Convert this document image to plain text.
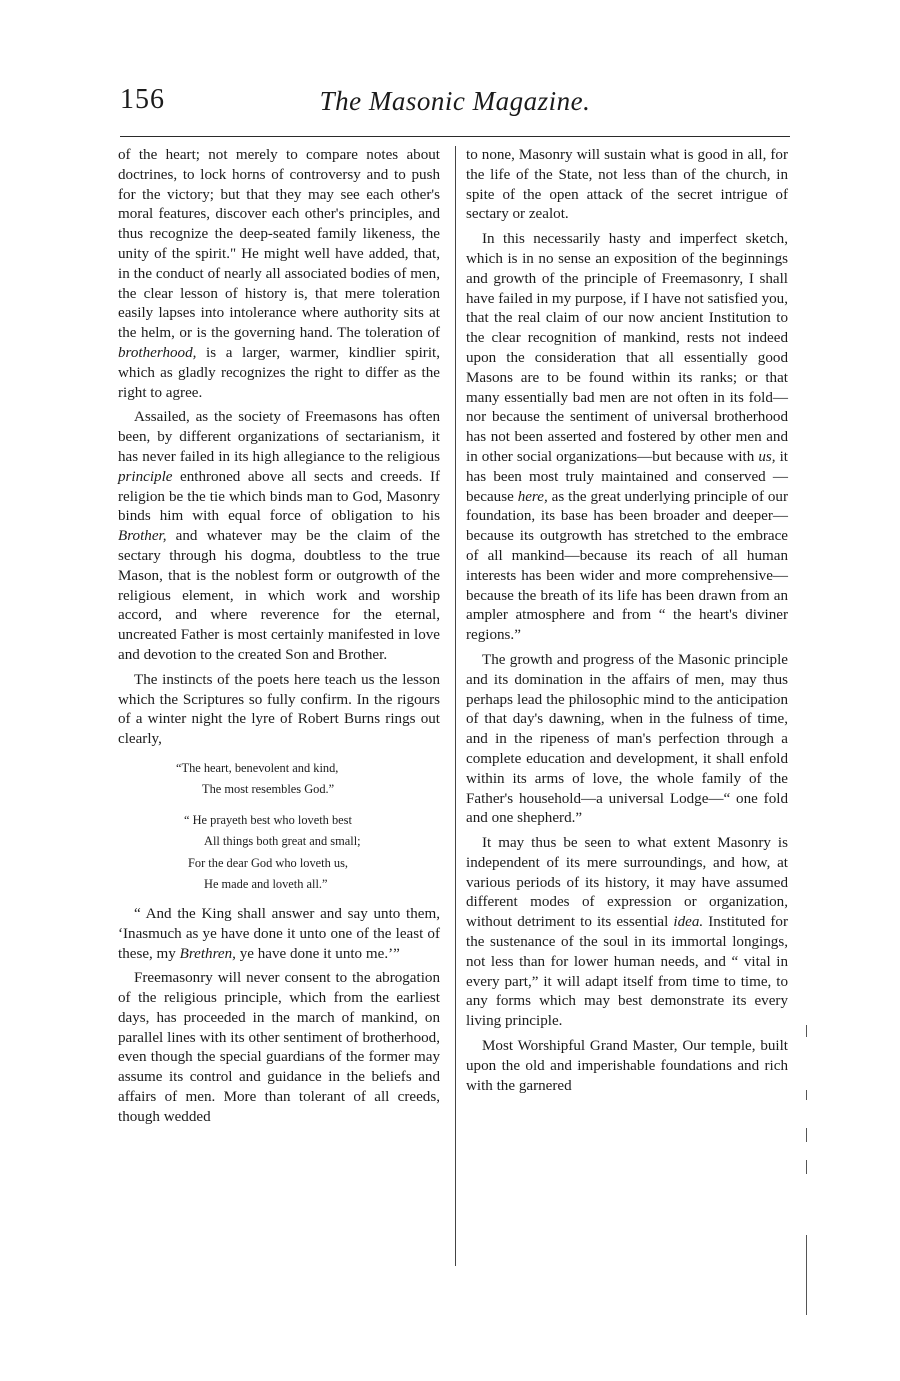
156	The Masonic Magazine.

of the heart; not merely to compare notes about doctrines, to lock horns of controversy and to push for the victory; but that they may see each other's moral features, discover each other's principles, and thus recognize the deep-seated family likeness, the unity of the spirit." He might well have added, that, in the conduct of nearly all associated bodies of men, the clear lesson of history is, that mere toleration easily lapses into intolerance where authority sits at the helm, or is the governing hand. The toleration of brotherhood, is a larger, warmer, kindlier spirit, which as gladly recognizes the right to differ as the right to agree.

Assailed, as the society of Freemasons has often been, by different organizations of sectarianism, it has never failed in its high allegiance to the religious principle enthroned above all sects and creeds. If religion be the tie which binds man to God, Masonry binds him with equal force of obligation to his Brother, and whatever may be the claim of the sectary through his dogma, doubtless to the true Mason, that is the noblest form or outgrowth of the religious element, in which work and worship accord, and where reverence for the eternal, uncreated Father is most certainly manifested in love and devotion to the created Son and Brother.

The instincts of the poets here teach us the lesson which the Scriptures so fully confirm. In the rigours of a winter night the lyre of Robert Burns rings out clearly,

“The heart, benevolent and kind,
The most resembles God.”
“ He prayeth best who loveth best
All things both great and small;
For the dear God who loveth us,
He made and loveth all.”

“ And the King shall answer and say unto them, ‘Inasmuch as ye have done it unto one of the least of these, my Brethren, ye have done it unto me.’”

Freemasonry will never consent to the abrogation of the religious principle, which from the earliest days, has proceeded in the march of mankind, on parallel lines with its other sentiment of brotherhood, even though the special guardians of the former may assume its control and guidance in the beliefs and affairs of men. More than tolerant of all creeds, though wedded

to none, Masonry will sustain what is good in all, for the life of the State, not less than of the church, in spite of the open attack of the secret intrigue of sectary or zealot.

In this necessarily hasty and imperfect sketch, which is in no sense an exposition of the beginnings and growth of the principle of Freemasonry, I shall have failed in my purpose, if I have not satisfied you, that the real claim of our now ancient Institution to the clear recognition of mankind, rests not indeed upon the consideration that all essentially good Masons are to be found within its ranks; or that many essentially bad men are not often in its fold—nor because the sentiment of universal brotherhood has not been asserted and fostered by other men and in other social organizations—but because with us, it has been most truly maintained and conserved —because here, as the great underlying principle of our foundation, its base has been broader and deeper—because its outgrowth has stretched to the embrace of all mankind—because its reach of all human interests has been wider and more comprehensive—because the breath of its life has been drawn from an ampler atmosphere and from “ the heart's diviner regions.”

The growth and progress of the Masonic principle and its domination in the affairs of men, may thus perhaps lead the philosophic mind to the anticipation of that day's dawning, when in the fulness of time, and in the ripeness of man's perfection through a complete education and development, it shall enfold within its arms of love, the whole family of the Father's household—a universal Lodge—“ one fold and one shepherd.”

It may thus be seen to what extent Masonry is independent of its mere surroundings, and how, at various periods of its history, it may have assumed different modes of expression or organization, without detriment to its essential idea. Instituted for the sustenance of the soul in its immortal longings, not less than for lower human needs, and “ vital in every part,” it will adapt itself from time to time, to any forms which may best demonstrate its every living principle.

Most Worshipful Grand Master, Our temple, built upon the old and imperishable foundations and rich with the garnered
